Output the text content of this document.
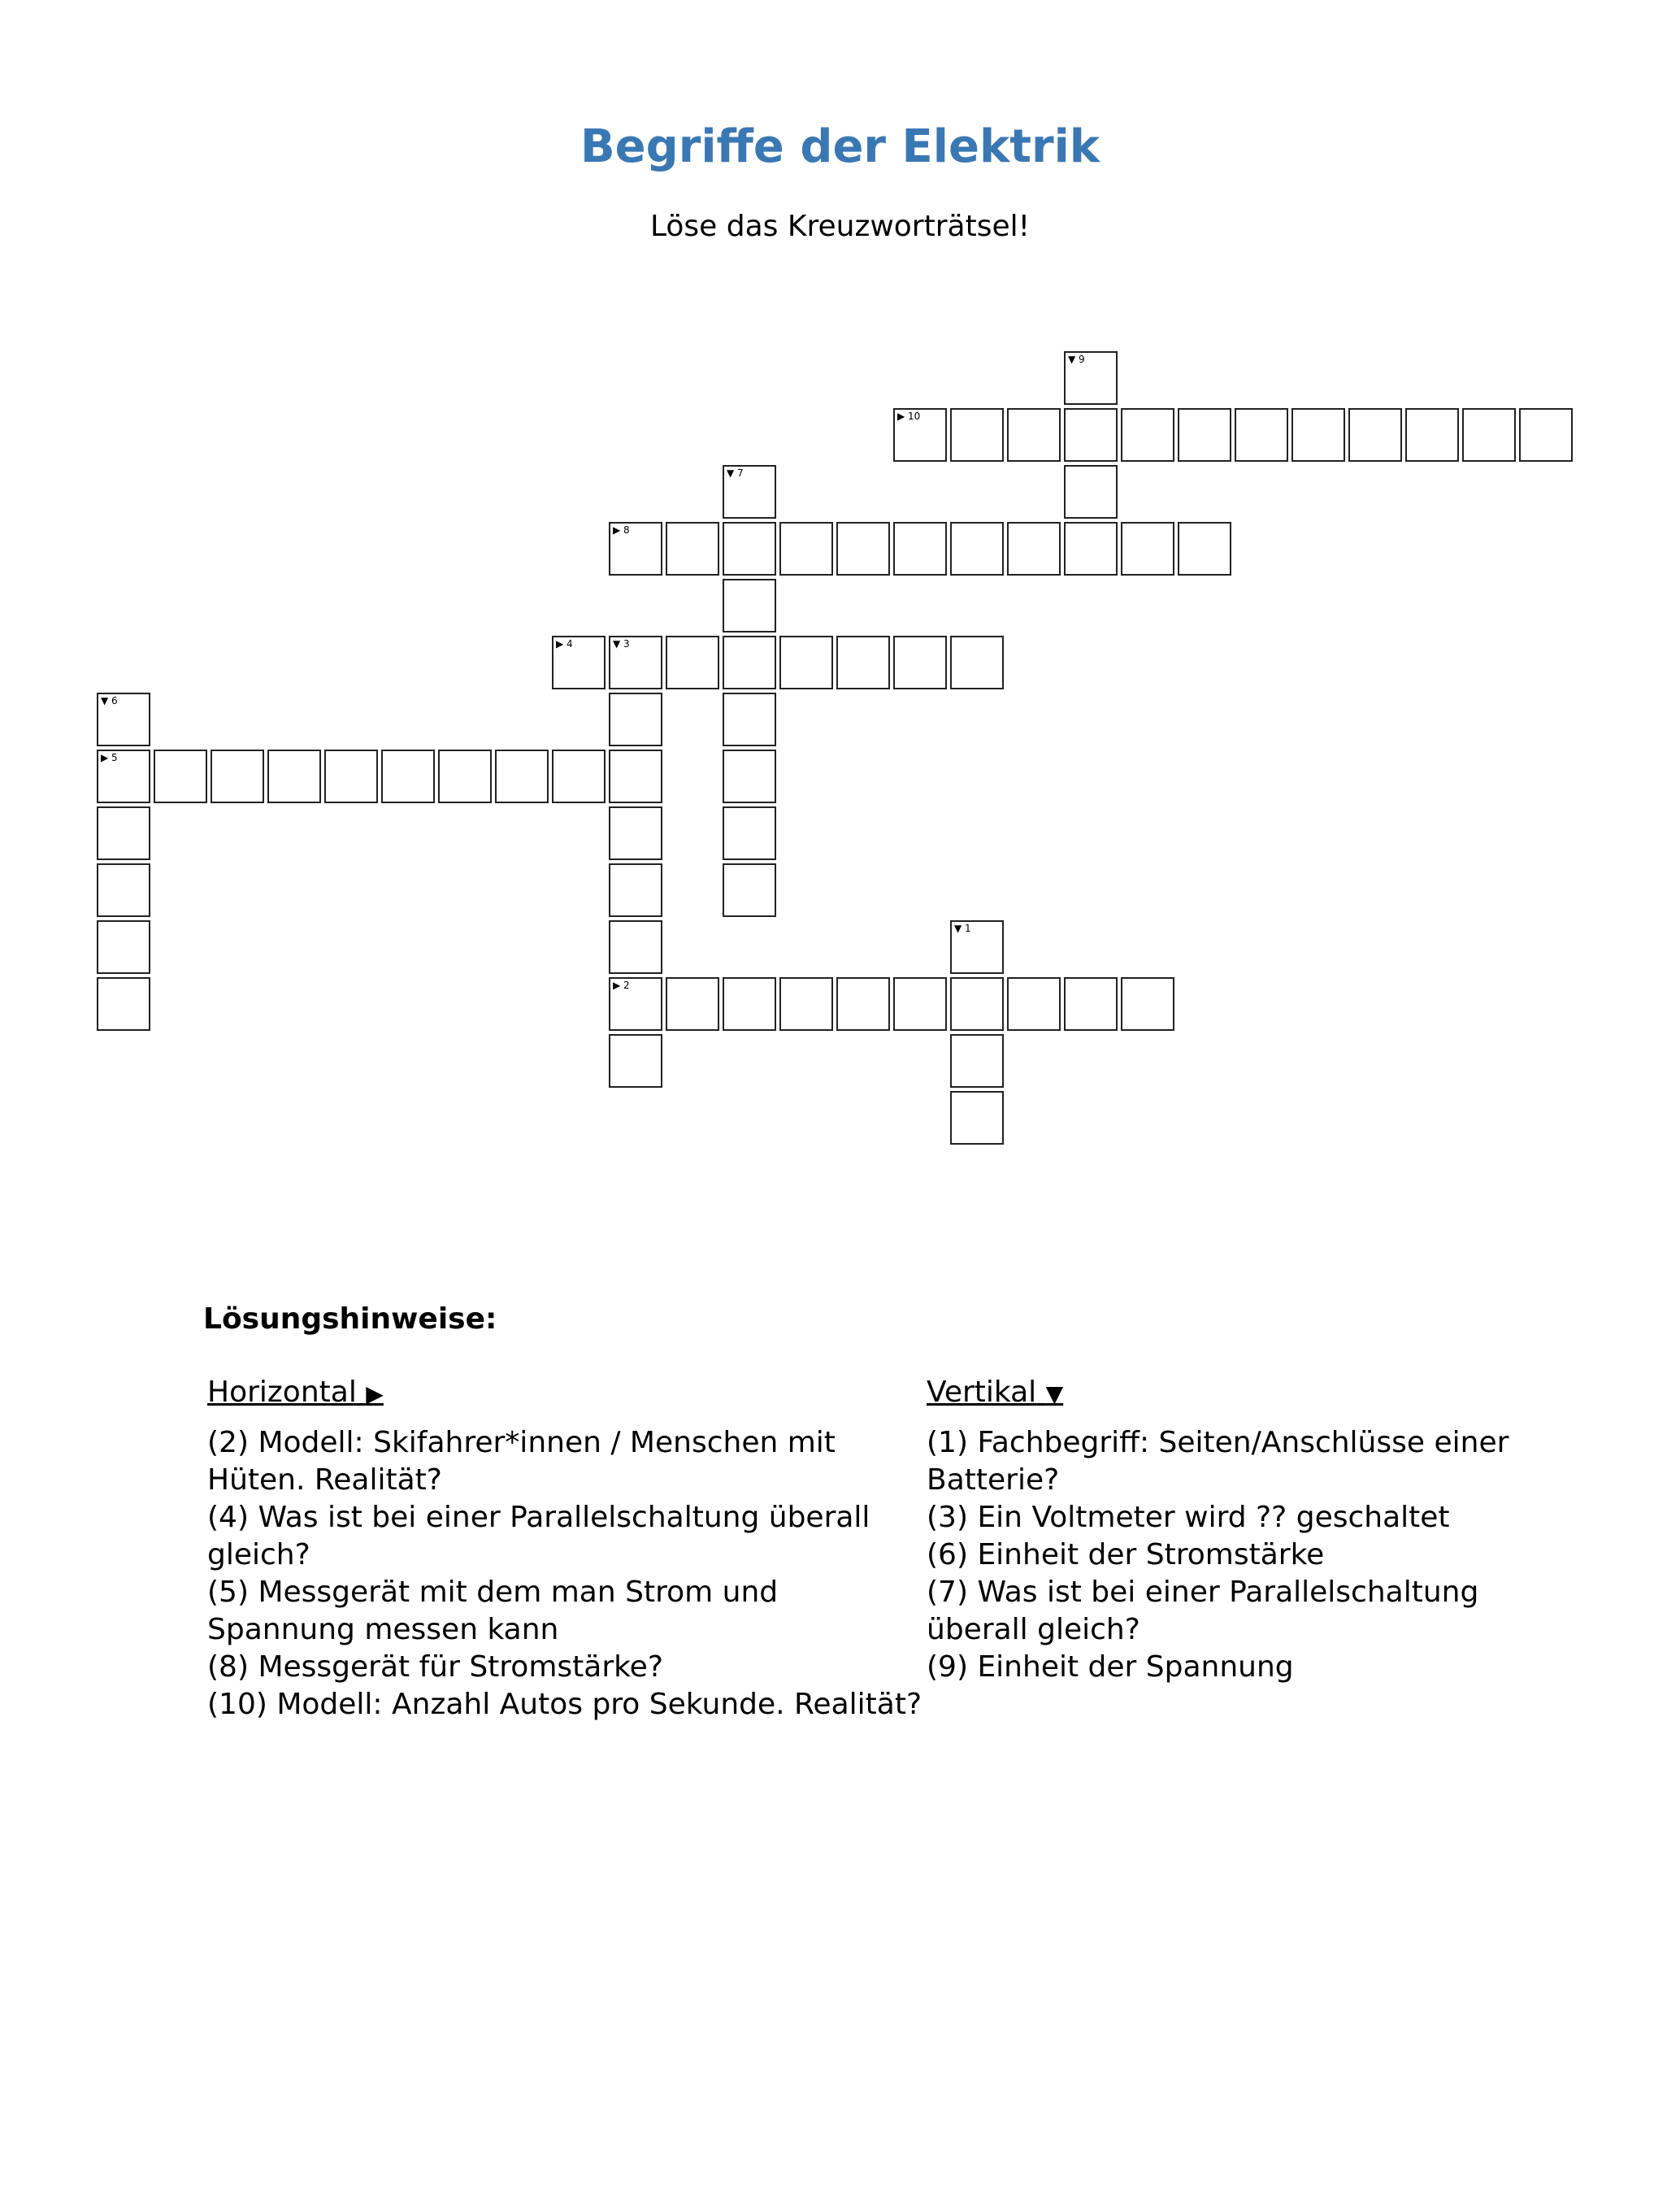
Begriffe der Elektrik

Löse das Kreuzworträtsel!

▼ 9
▶ 10
▼ 7
▶ 8
▶ 4	▼ 3
▼ 6
▶ 5
▼ 1
▶ 2

Lösungshinweise:

Horizontal ▶

(2) Modell: Skifahrer*innen / Menschen mit Hüten. Realität?

(4) Was ist bei einer Parallelschaltung überall gleich?

(5) Messgerät mit dem man Strom und Spannung messen kann

(8) Messgerät für Stromstärke?

(10) Modell: Anzahl Autos pro Sekunde. Realität?

Vertikal ▼

(1) Fachbegriff: Seiten/Anschlüsse einer Batterie?

(3) Ein Voltmeter wird ?? geschaltet

(6) Einheit der Stromstärke

(7) Was ist bei einer Parallelschaltung überall gleich?

(9) Einheit der Spannung
